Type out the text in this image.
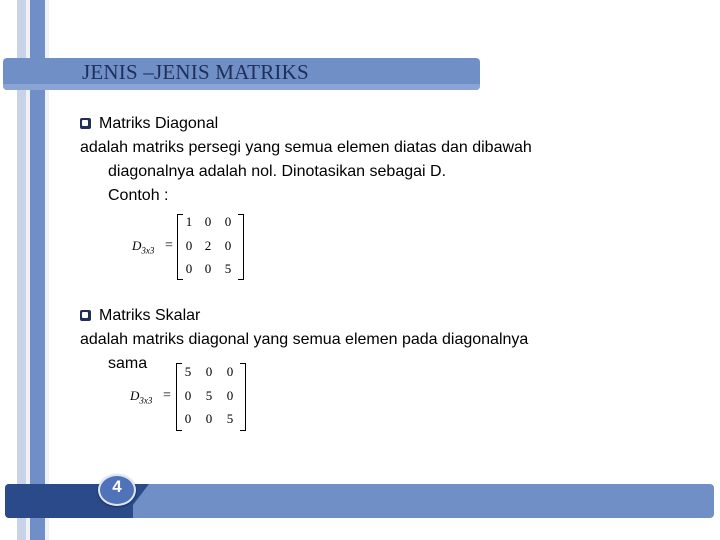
JENIS –JENIS MATRIKS
Matriks Diagonal
adalah matriks persegi yang semua elemen diatas dan dibawah
diagonalnya adalah nol. Dinotasikan sebagai D.
Contoh :
$D_{3x3}$ =
1 0 0
0 2 0
0 0 5
Matriks Skalar
adalah matriks diagonal yang semua elemen pada diagonalnya
sama
$D_{3x3}$ =
5 0 0
0 5 0
0 0 5
4
